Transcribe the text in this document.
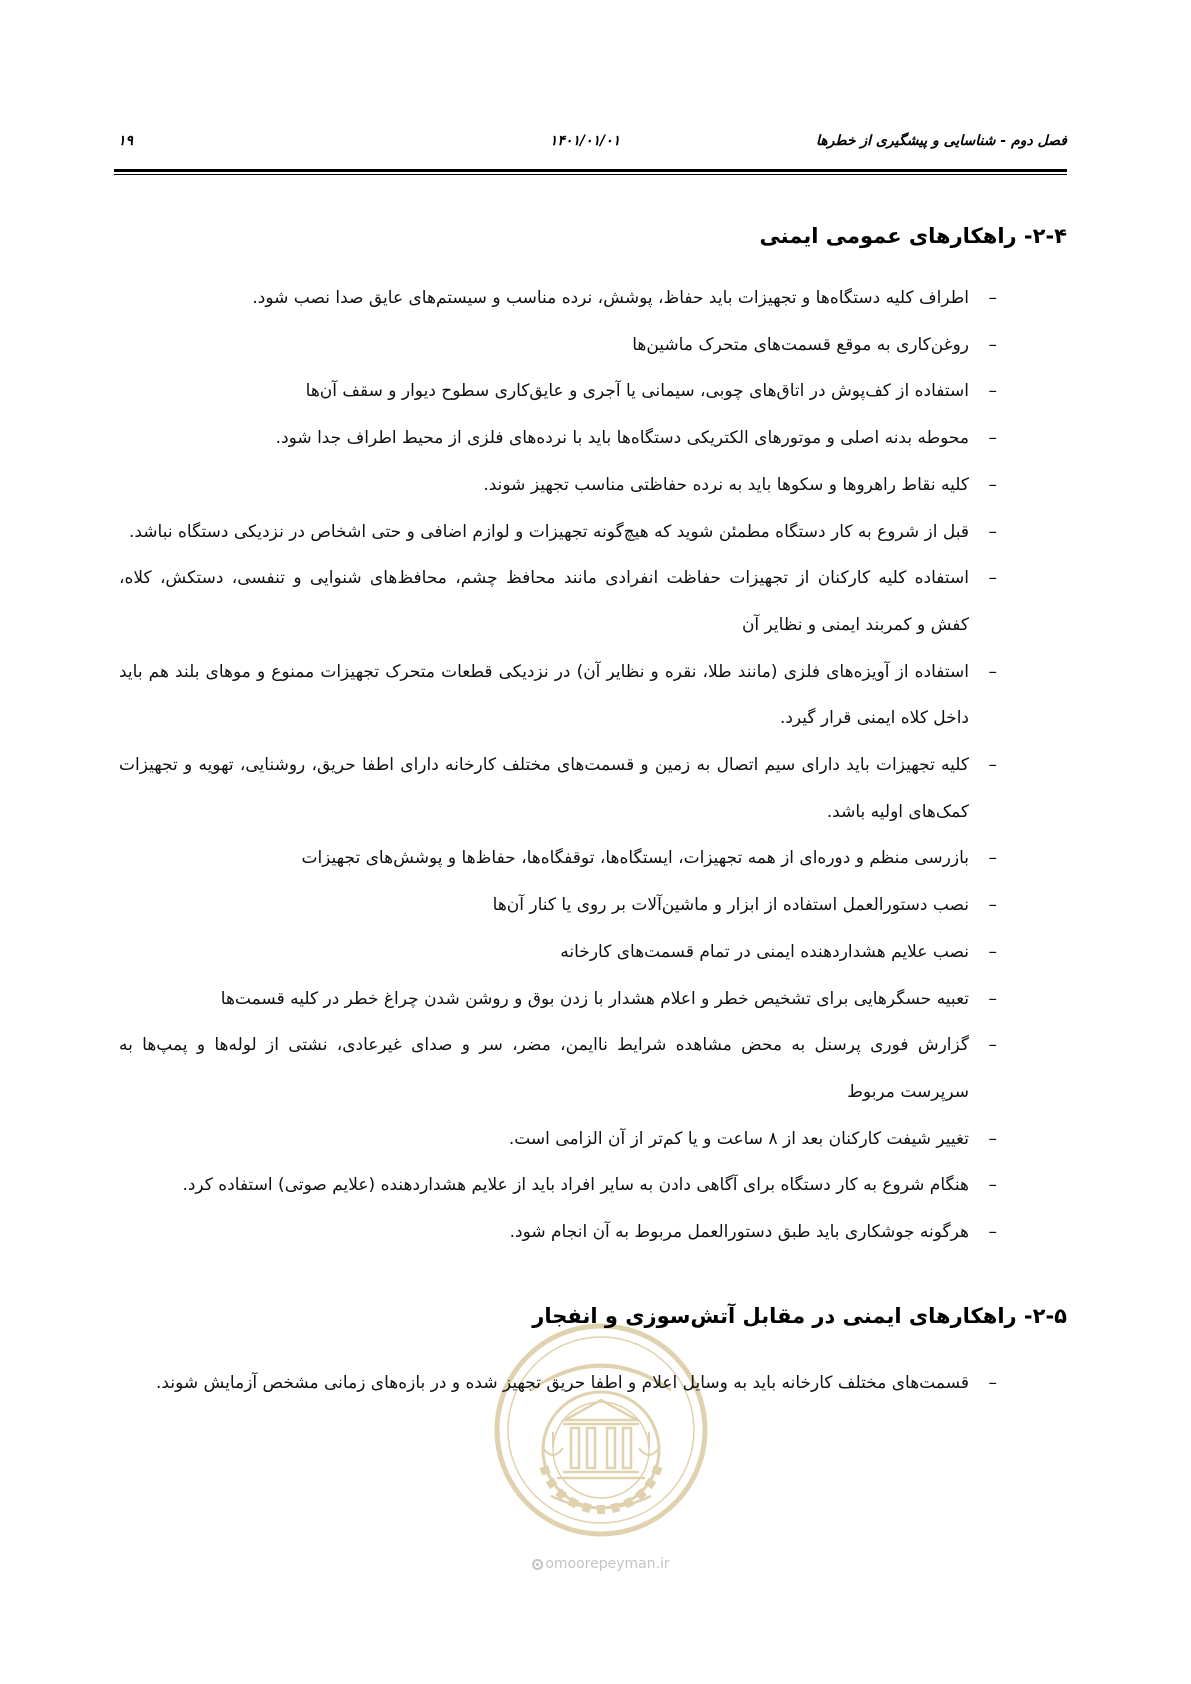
فصل دوم - شناسایی و پیشگیری از خطرها
۱۴۰۱/۰۱/۰۱
۱۹
omoorepeyman.ir
۲-۴- راهکارهای عمومی ایمنی
–
اطراف کلیه دستگاه‌ها و تجهیزات باید حفاظ، پوشش، نرده مناسب و سیستم‌های عایق صدا نصب شود.
–
روغن‌کاری به موقع قسمت‌های متحرک ماشین‌ها
–
استفاده از کف‌پوش در اتاق‌های چوبی، سیمانی یا آجری و عایق‌کاری سطوح دیوار و سقف آن‌ها
–
محوطه بدنه اصلی و موتورهای الکتریکی دستگاه‌ها باید با نرده‌های فلزی از محیط اطراف جدا شود.
–
کلیه نقاط راهروها و سکوها باید به نرده حفاظتی مناسب تجهیز شوند.
–
قبل از شروع به کار دستگاه مطمئن شوید که هیچ‌گونه تجهیزات و لوازم اضافی و حتی اشخاص در نزدیکی دستگاه نباشد.
–
استفاده کلیه کارکنان از تجهیزات حفاظت انفرادی مانند محافظ چشم، محافظ‌های شنوایی و تنفسی، دستکش، کلاه، کفش و کمربند ایمنی و نظایر آن
–
استفاده از آویزه‌های فلزی (مانند طلا، نقره و نظایر آن) در نزدیکی قطعات متحرک تجهیزات ممنوع و موهای بلند هم باید داخل کلاه ایمنی قرار گیرد.
–
کلیه تجهیزات باید دارای سیم اتصال به زمین و قسمت‌های مختلف کارخانه دارای اطفا حریق، روشنایی، تهویه و تجهیزات کمک‌های اولیه باشد.
–
بازرسی منظم و دوره‌ای از همه تجهیزات، ایستگاه‌ها، توقفگاه‌ها، حفاظ‌ها و پوشش‌های تجهیزات
–
نصب دستورالعمل استفاده از ابزار و ماشین‌آلات بر روی یا کنار آن‌ها
–
نصب علایم هشداردهنده ایمنی در تمام قسمت‌های کارخانه
–
تعبیه حسگرهایی برای تشخیص خطر و اعلام هشدار با زدن بوق و روشن شدن چراغ خطر در کلیه قسمت‌ها
–
گزارش فوری پرسنل به محض مشاهده شرایط ناایمن، مضر، سر و صدای غیرعادی، نشتی از لوله‌ها و پمپ‌ها به سرپرست مربوط
–
تغییر شیفت کارکنان بعد از ۸ ساعت و یا کم‌تر از آن الزامی است.
–
هنگام شروع به کار دستگاه برای آگاهی دادن به سایر افراد باید از علایم هشداردهنده (علایم صوتی) استفاده کرد.
–
هرگونه جوشکاری باید طبق دستورالعمل مربوط به آن انجام شود.
۲-۵- راهکارهای ایمنی در مقابل آتش‌سوزی و انفجار
–
قسمت‌های مختلف کارخانه باید به وسایل اعلام و اطفا حریق تجهیز شده و در بازه‌های زمانی مشخص آزمایش شوند.
